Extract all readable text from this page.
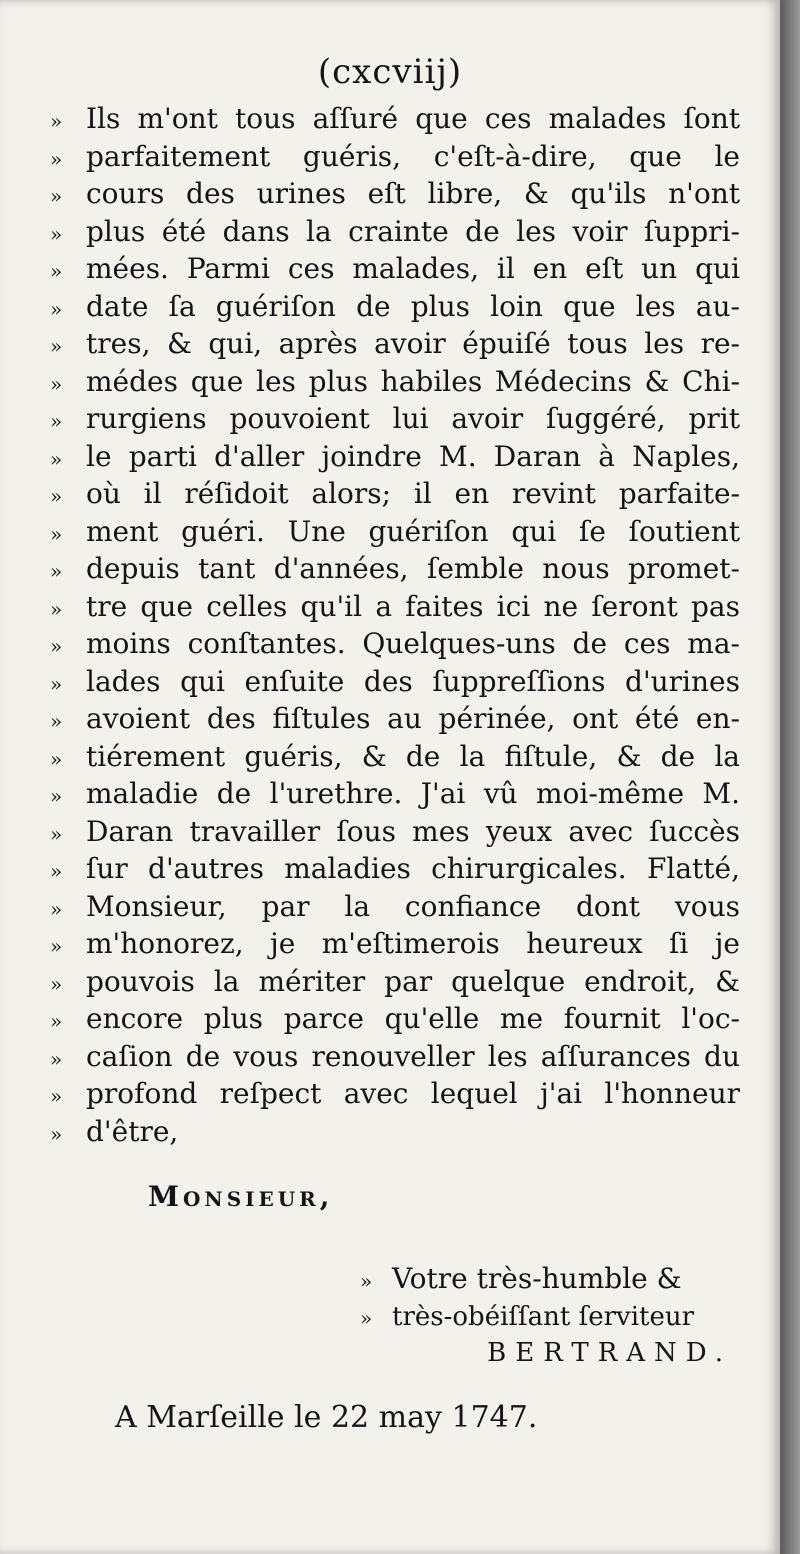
(cxcviij)
» Ils m'ont tous aſſuré que ces malades ſont
» parfaitement guéris, c'eſt-à-dire, que le
» cours des urines eſt libre, & qu'ils n'ont
» plus été dans la crainte de les voir ſuppri-
» mées. Parmi ces malades, il en eſt un qui
» date ſa guériſon de plus loin que les au-
» tres, & qui, après avoir épuiſé tous les re-
» médes que les plus habiles Médecins & Chi-
» rurgiens pouvoient lui avoir ſuggéré, prit
» le parti d'aller joindre M. Daran à Naples,
» où il réſidoit alors; il en revint parfaite-
» ment guéri. Une guériſon qui ſe ſoutient
» depuis tant d'années, ſemble nous promet-
» tre que celles qu'il a faites ici ne ſeront pas
» moins conſtantes. Quelques-uns de ces ma-
» lades qui enſuite des ſuppreſſions d'urines
» avoient des fiſtules au périnée, ont été en-
» tiérement guéris, & de la fiſtule, & de la
» maladie de l'urethre. J'ai vû moi-même M.
» Daran travailler ſous mes yeux avec ſuccès
» ſur d'autres maladies chirurgicales. Flatté,
» Monsieur, par la confiance dont vous
» m'honorez, je m'eſtimerois heureux ſi je
» pouvois la mériter par quelque endroit, &
» encore plus parce qu'elle me fournit l'oc-
» caſion de vous renouveller les aſſurances du
» profond reſpect avec lequel j'ai l'honneur
» d'être,
Monsieur,
» Votre très-humble &
» très-obéiſſant ſerviteur
BERTRAND.
A Marſeille le 22 may 1747.
